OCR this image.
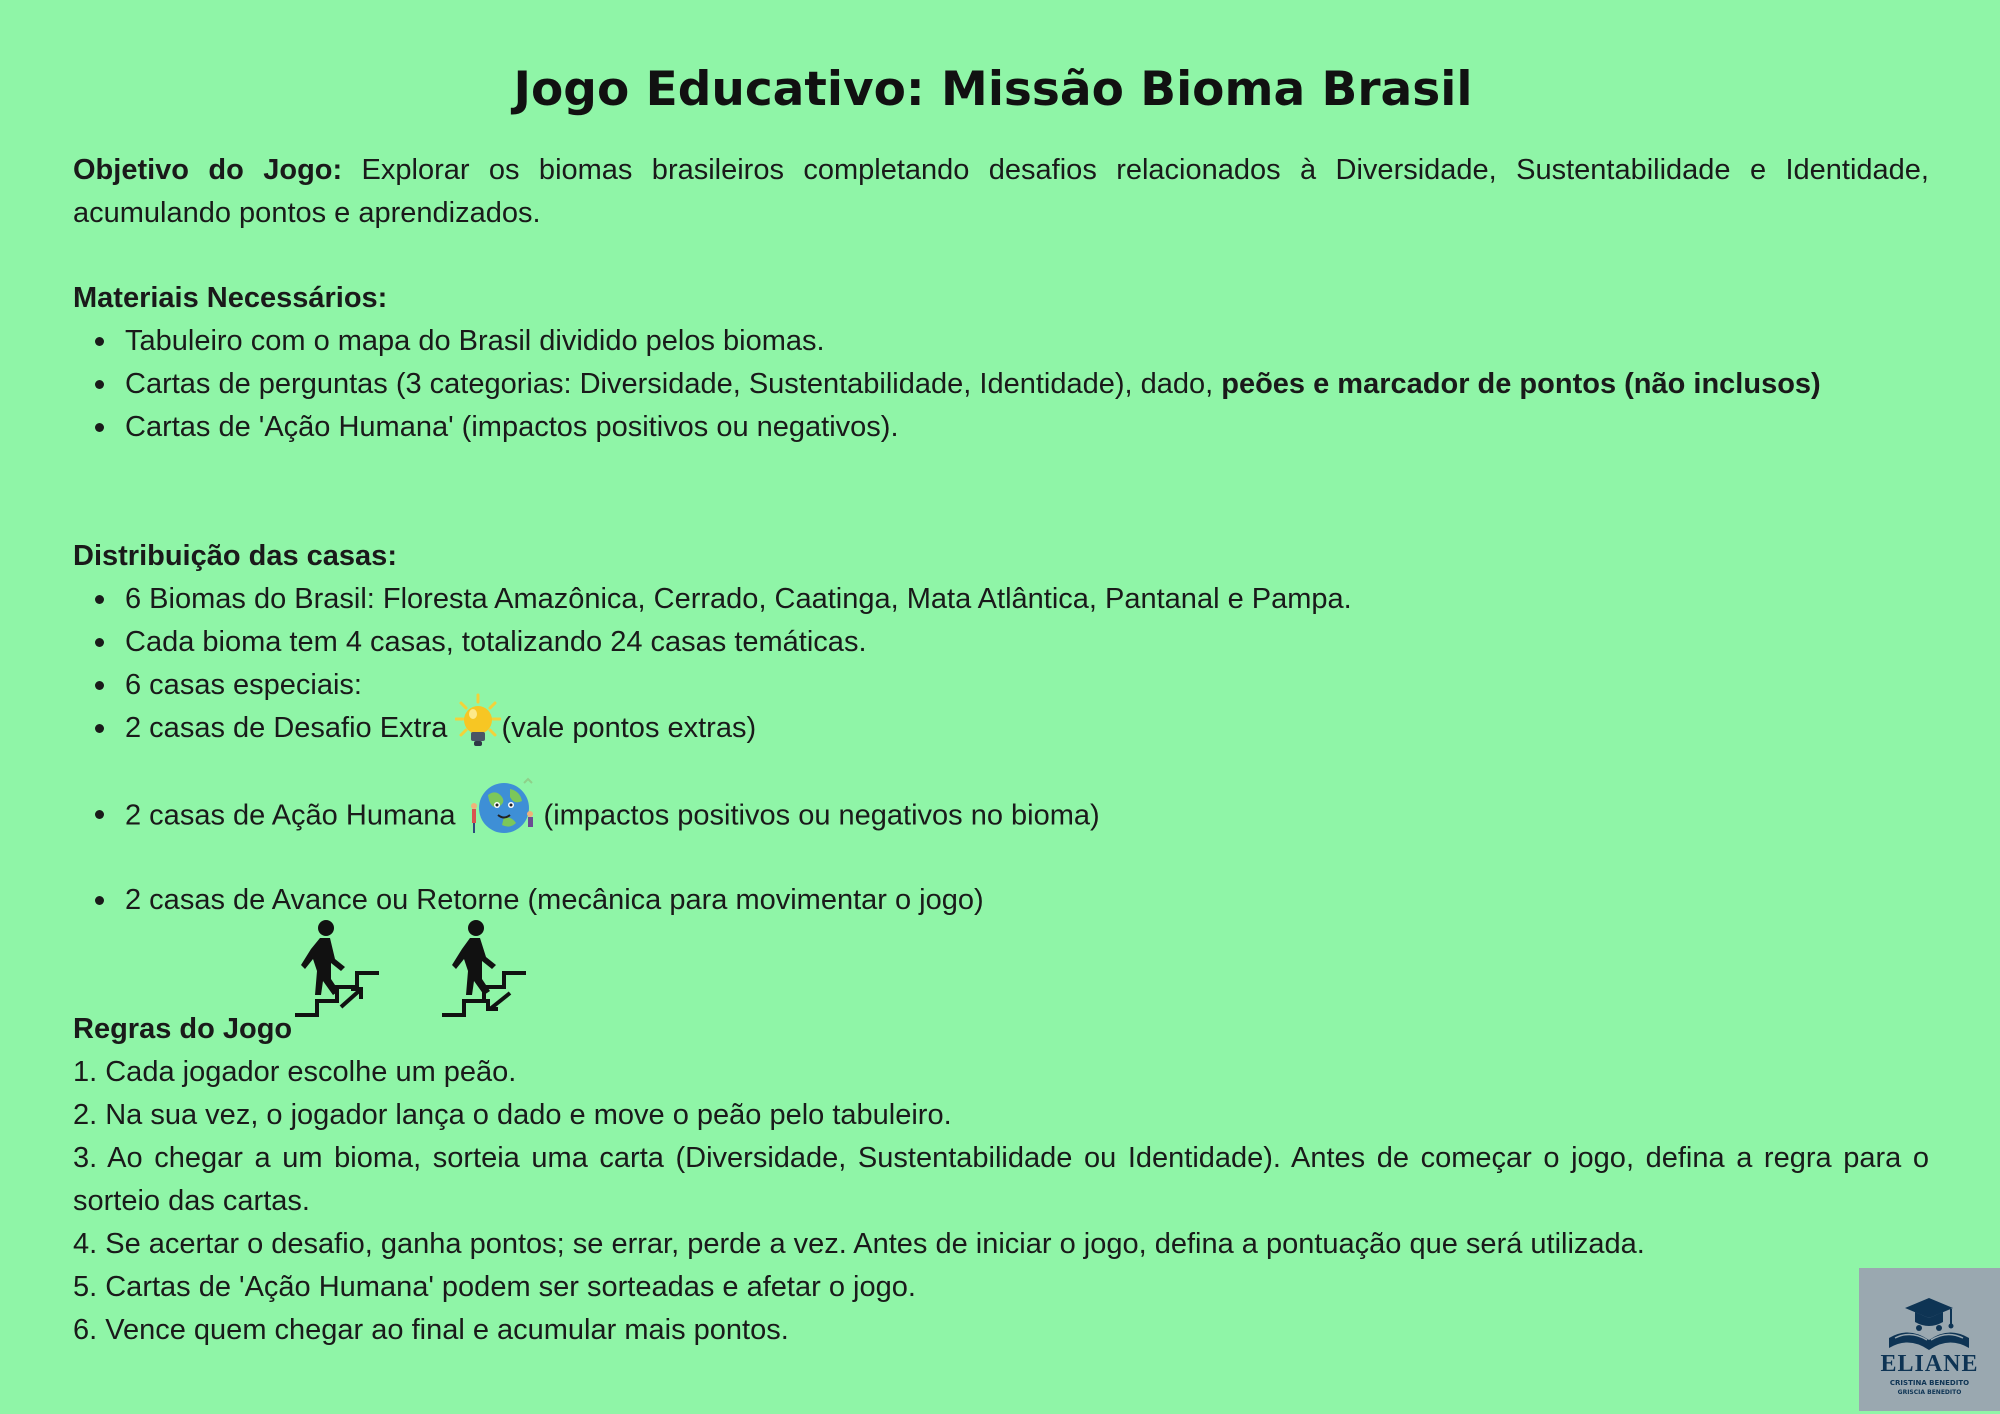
Jogo Educativo: Missão Bioma Brasil
Objetivo do Jogo: Explorar os biomas brasileiros completando desafios relacionados à Diversidade, Sustentabilidade e Identidade, acumulando pontos e aprendizados.
Materiais Necessários:
Tabuleiro com o mapa do Brasil dividido pelos biomas.
Cartas de perguntas (3 categorias: Diversidade, Sustentabilidade, Identidade), dado, peões e marcador de pontos (não inclusos)
Cartas de 'Ação Humana' (impactos positivos ou negativos).
Distribuição das casas:
6 Biomas do Brasil: Floresta Amazônica, Cerrado, Caatinga, Mata Atlântica, Pantanal e Pampa.
Cada bioma tem 4 casas, totalizando 24 casas temáticas.
6 casas especiais:
2 casas de Desafio Extra (vale pontos extras)
2 casas de Ação Humana	(impactos positivos ou negativos no bioma)
2 casas de Avance ou Retorne (mecânica para movimentar o jogo)
Regras do Jogo
1. Cada jogador escolhe um peão.
2. Na sua vez, o jogador lança o dado e move o peão pelo tabuleiro.
3. Ao chegar a um bioma, sorteia uma carta (Diversidade, Sustentabilidade ou Identidade). Antes de começar o jogo, defina a regra para o sorteio das cartas.
4. Se acertar o desafio, ganha pontos; se errar, perde a vez. Antes de iniciar o jogo, defina a pontuação que será utilizada.
5. Cartas de 'Ação Humana' podem ser sorteadas e afetar o jogo.
6. Vence quem chegar ao final e acumular mais pontos.
ELIANE
CRISTINA BENEDITO
GRISCIA BENEDITO
